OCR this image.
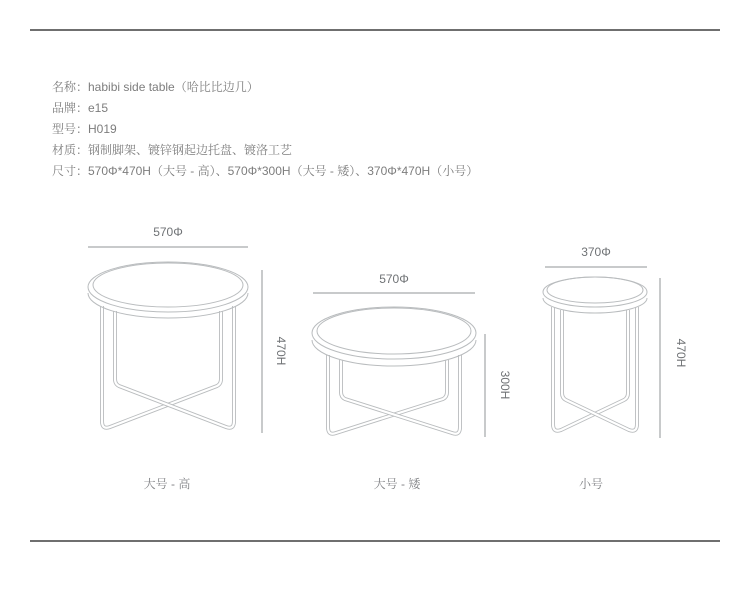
名称：habibi side table（哈比比边几）
品牌：e15
型号：H019
材质：钢制脚架、镀锌钢起边托盘、镀洛工艺
尺寸：570Φ*470H（大号 - 高）、570Φ*300H（大号 - 矮）、370Φ*470H（小号）
570Φ
470H
大号 - 高
570Φ
300H
大号 - 矮
370Φ
470H
小号
